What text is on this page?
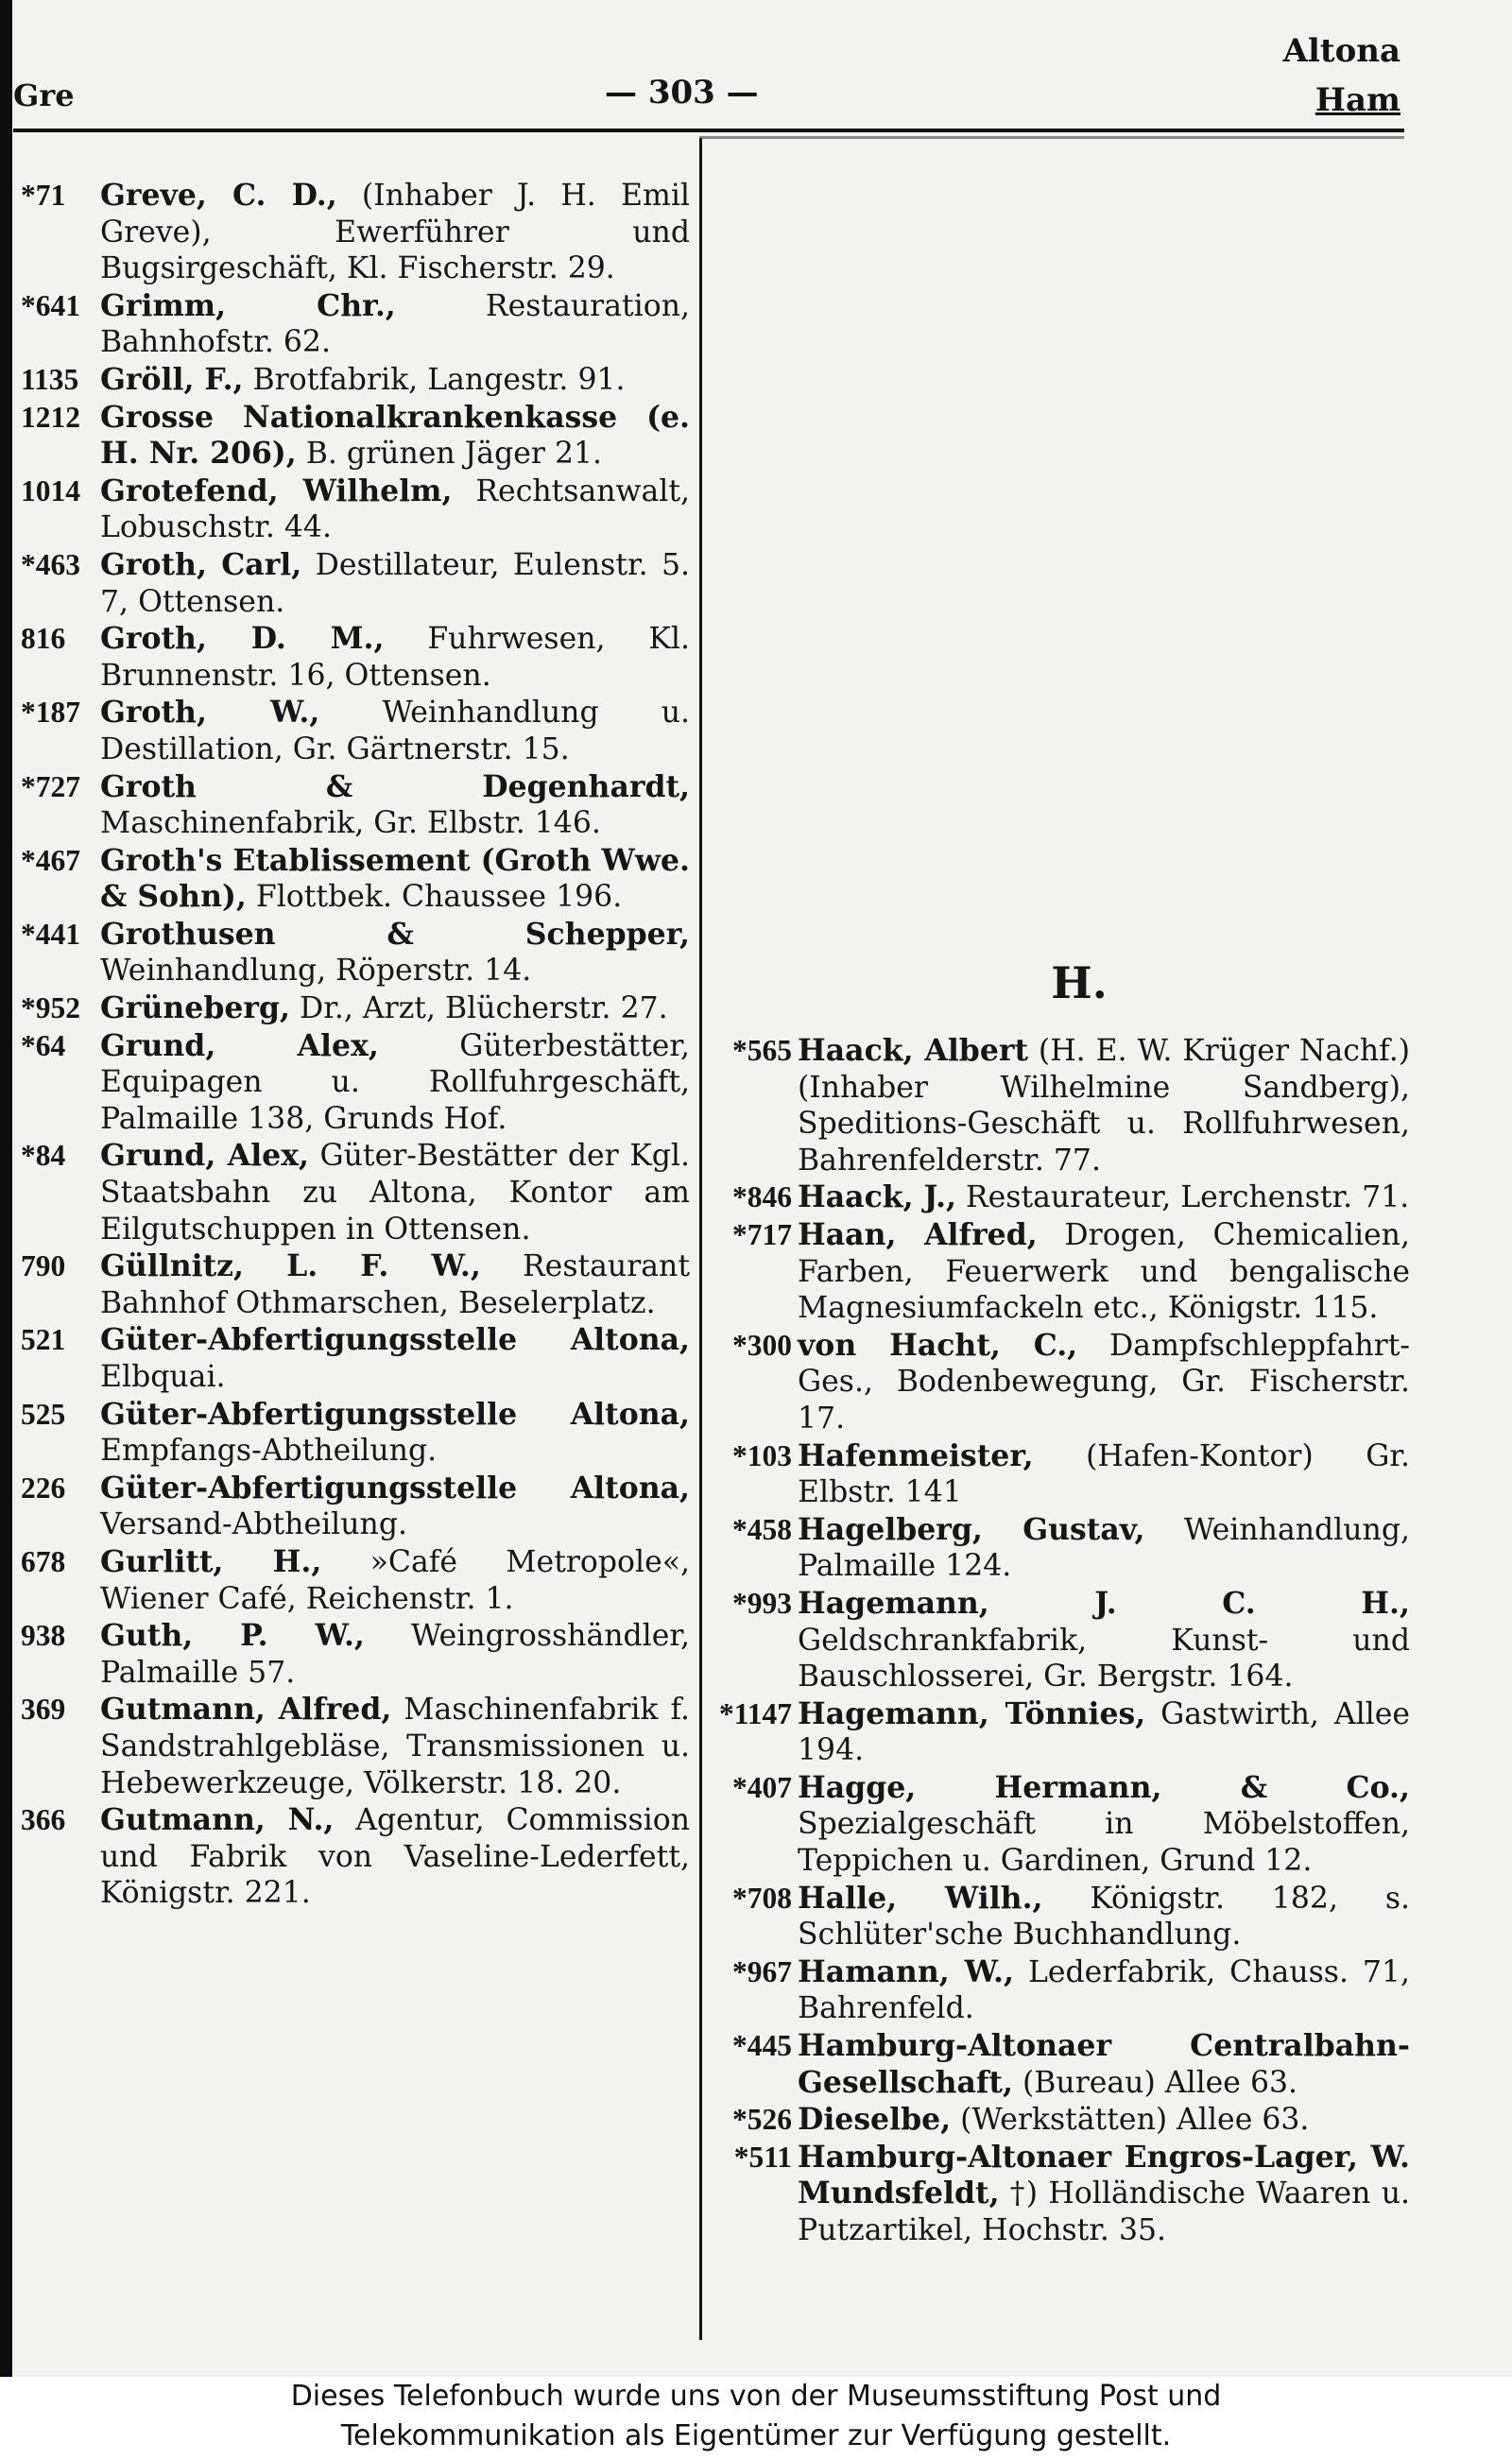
Gre	— 303 —
Altona
Ham
*71	Greve, C. D., (Inhaber J. H. Emil Greve), Ewerführer und Bugsirgeschäft, Kl. Fischerstr. 29.
*641 Grimm, Chr., Restauration, Bahnhofstr. 62.
1135 Gröll, F., Brotfabrik, Langestr. 91.
1212 Grosse Nationalkrankenkasse (e. H. Nr. 206), B. grünen Jäger 21.
1014 Grotefend, Wilhelm, Rechtsanwalt, Lobuschstr. 44.
*463 Groth, Carl, Destillateur, Eulenstr. 5. 7, Ottensen.
816	Groth, D. M., Fuhrwesen, Kl. Brunnenstr. 16, Ottensen.
*187 Groth, W., Weinhandlung u. Destillation, Gr. Gärtnerstr. 15.
*727 Groth & Degenhardt, Maschinenfabrik, Gr. Elbstr. 146.
*467 Groth's Etablissement (Groth Wwe. & Sohn), Flottbek. Chaussee 196.
*441 Grothusen & Schepper, Weinhandlung, Röperstr. 14.
*952 Grüneberg, Dr., Arzt, Blücherstr. 27.
*64	Grund, Alex, Güterbestätter, Equipagen u. Rollfuhrgeschäft, Palmaille 138, Grunds Hof.
*84	Grund, Alex, Güter-Bestätter der Kgl. Staatsbahn zu Altona, Kontor am Eilgutschuppen in Ottensen.
790	Güllnitz, L. F. W., Restaurant Bahnhof Othmarschen, Beselerplatz.
521	Güter-Abfertigungsstelle Altona, Elbquai.
525	Güter-Abfertigungsstelle Altona, Empfangs-Abtheilung.
226	Güter-Abfertigungsstelle Altona, Versand-Abtheilung.
678	Gurlitt, H., »Café Metropole«, Wiener Café, Reichenstr. 1.
938	Guth, P. W., Weingrosshändler, Palmaille 57.
369	Gutmann, Alfred, Maschinenfabrik f. Sandstrahlgebläse, Transmissionen u. Hebewerkzeuge, Völkerstr. 18. 20.
366	Gutmann, N., Agentur, Commission und Fabrik von Vaseline-Lederfett, Königstr. 221.
H.
*565 Haack, Albert (H. E. W. Krüger Nachf.) (Inhaber Wilhelmine Sandberg), Speditions-Geschäft u. Rollfuhrwesen, Bahrenfelderstr. 77.
*846 Haack, J., Restaurateur, Lerchenstr. 71.
*717 Haan, Alfred, Drogen, Chemicalien, Farben, Feuerwerk und bengalische Magnesiumfackeln etc., Königstr. 115.
*300 von Hacht, C., Dampfschleppfahrt-Ges., Bodenbewegung, Gr. Fischerstr. 17.
*103 Hafenmeister, (Hafen-Kontor) Gr. Elbstr. 141
*458 Hagelberg, Gustav, Weinhandlung, Palmaille 124.
*993 Hagemann, J. C. H., Geldschrankfabrik, Kunst- und Bauschlosserei, Gr. Bergstr. 164.
*1147 Hagemann, Tönnies, Gastwirth, Allee 194.
*407 Hagge, Hermann, & Co., Spezialgeschäft in Möbelstoffen, Teppichen u. Gardinen, Grund 12.
*708 Halle, Wilh., Königstr. 182, s. Schlüter'sche Buchhandlung.
*967 Hamann, W., Lederfabrik, Chauss. 71, Bahrenfeld.
*445 Hamburg-Altonaer Centralbahn-Gesellschaft, (Bureau) Allee 63.
*526 Dieselbe, (Werkstätten) Allee 63.
*511 Hamburg-Altonaer Engros-Lager, W. Mundsfeldt, †) Holländische Waaren u. Putzartikel, Hochstr. 35.
Dieses Telefonbuch wurde uns von der Museumsstiftung Post und
Telekommunikation als Eigentümer zur Verfügung gestellt.
